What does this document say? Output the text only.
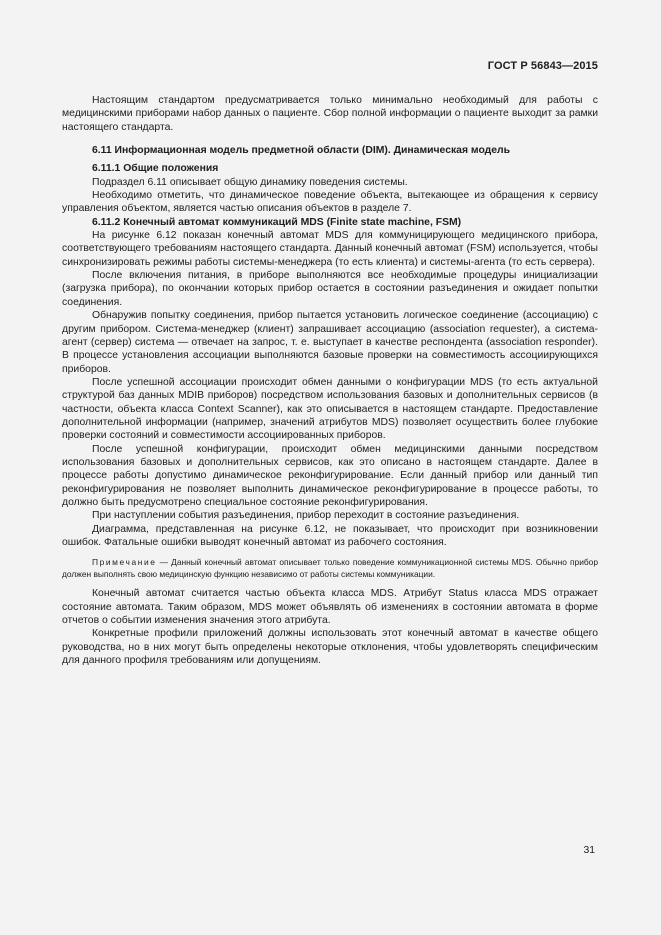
ГОСТ Р 56843—2015
Настоящим стандартом предусматривается только минимально необходимый для работы с медицинскими приборами набор данных о пациенте. Сбор полной информации о пациенте выходит за рамки настоящего стандарта.
6.11 Информационная модель предметной области (DIM). Динамическая модель
6.11.1 Общие положения
Подраздел 6.11 описывает общую динамику поведения системы.
Необходимо отметить, что динамическое поведение объекта, вытекающее из обращения к сервису управления объектом, является частью описания объектов в разделе 7.
6.11.2 Конечный автомат коммуникаций MDS (Finite state machine, FSM)
На рисунке 6.12 показан конечный автомат MDS для коммуницирующего медицинского прибора, соответствующего требованиям настоящего стандарта. Данный конечный автомат (FSM) используется, чтобы синхронизировать режимы работы системы-менеджера (то есть клиента) и системы-агента (то есть сервера).
После включения питания, в приборе выполняются все необходимые процедуры инициализации (загрузка прибора), по окончании которых прибор остается в состоянии разъединения и ожидает попытки соединения.
Обнаружив попытку соединения, прибор пытается установить логическое соединение (ассоциацию) с другим прибором. Система-менеджер (клиент) запрашивает ассоциацию (association requester), а система-агент (сервер) система — отвечает на запрос, т. е. выступает в качестве респондента (association responder). В процессе установления ассоциации выполняются базовые проверки на совместимость ассоциирующихся приборов.
После успешной ассоциации происходит обмен данными о конфигурации MDS (то есть актуальной структурой баз данных MDIB приборов) посредством использования базовых и дополнительных сервисов (в частности, объекта класса Context Scanner), как это описывается в настоящем стандарте. Предоставление дополнительной информации (например, значений атрибутов MDS) позволяет осуществить более глубокие проверки состояний и совместимости ассоциированных приборов.
После успешной конфигурации, происходит обмен медицинскими данными посредством использования базовых и дополнительных сервисов, как это описано в настоящем стандарте. Далее в процессе работы допустимо динамическое реконфигурирование. Если данный прибор или данный тип реконфигурирования не позволяет выполнить динамическое реконфигурирование в процессе работы, то должно быть предусмотрено специальное состояние реконфигурирования.
При наступлении события разъединения, прибор переходит в состояние разъединения.
Диаграмма, представленная на рисунке 6.12, не показывает, что происходит при возникновении ошибок. Фатальные ошибки выводят конечный автомат из рабочего состояния.
Примечание — Данный конечный автомат описывает только поведение коммуникационной системы MDS. Обычно прибор должен выполнять свою медицинскую функцию независимо от работы системы коммуникации.
Конечный автомат считается частью объекта класса MDS. Атрибут Status класса MDS отражает состояние автомата. Таким образом, MDS может объявлять об изменениях в состоянии автомата в форме отчетов о событии изменения значения этого атрибута.
Конкретные профили приложений должны использовать этот конечный автомат в качестве общего руководства, но в них могут быть определены некоторые отклонения, чтобы удовлетворять специфическим для данного профиля требованиям или допущениям.
31
